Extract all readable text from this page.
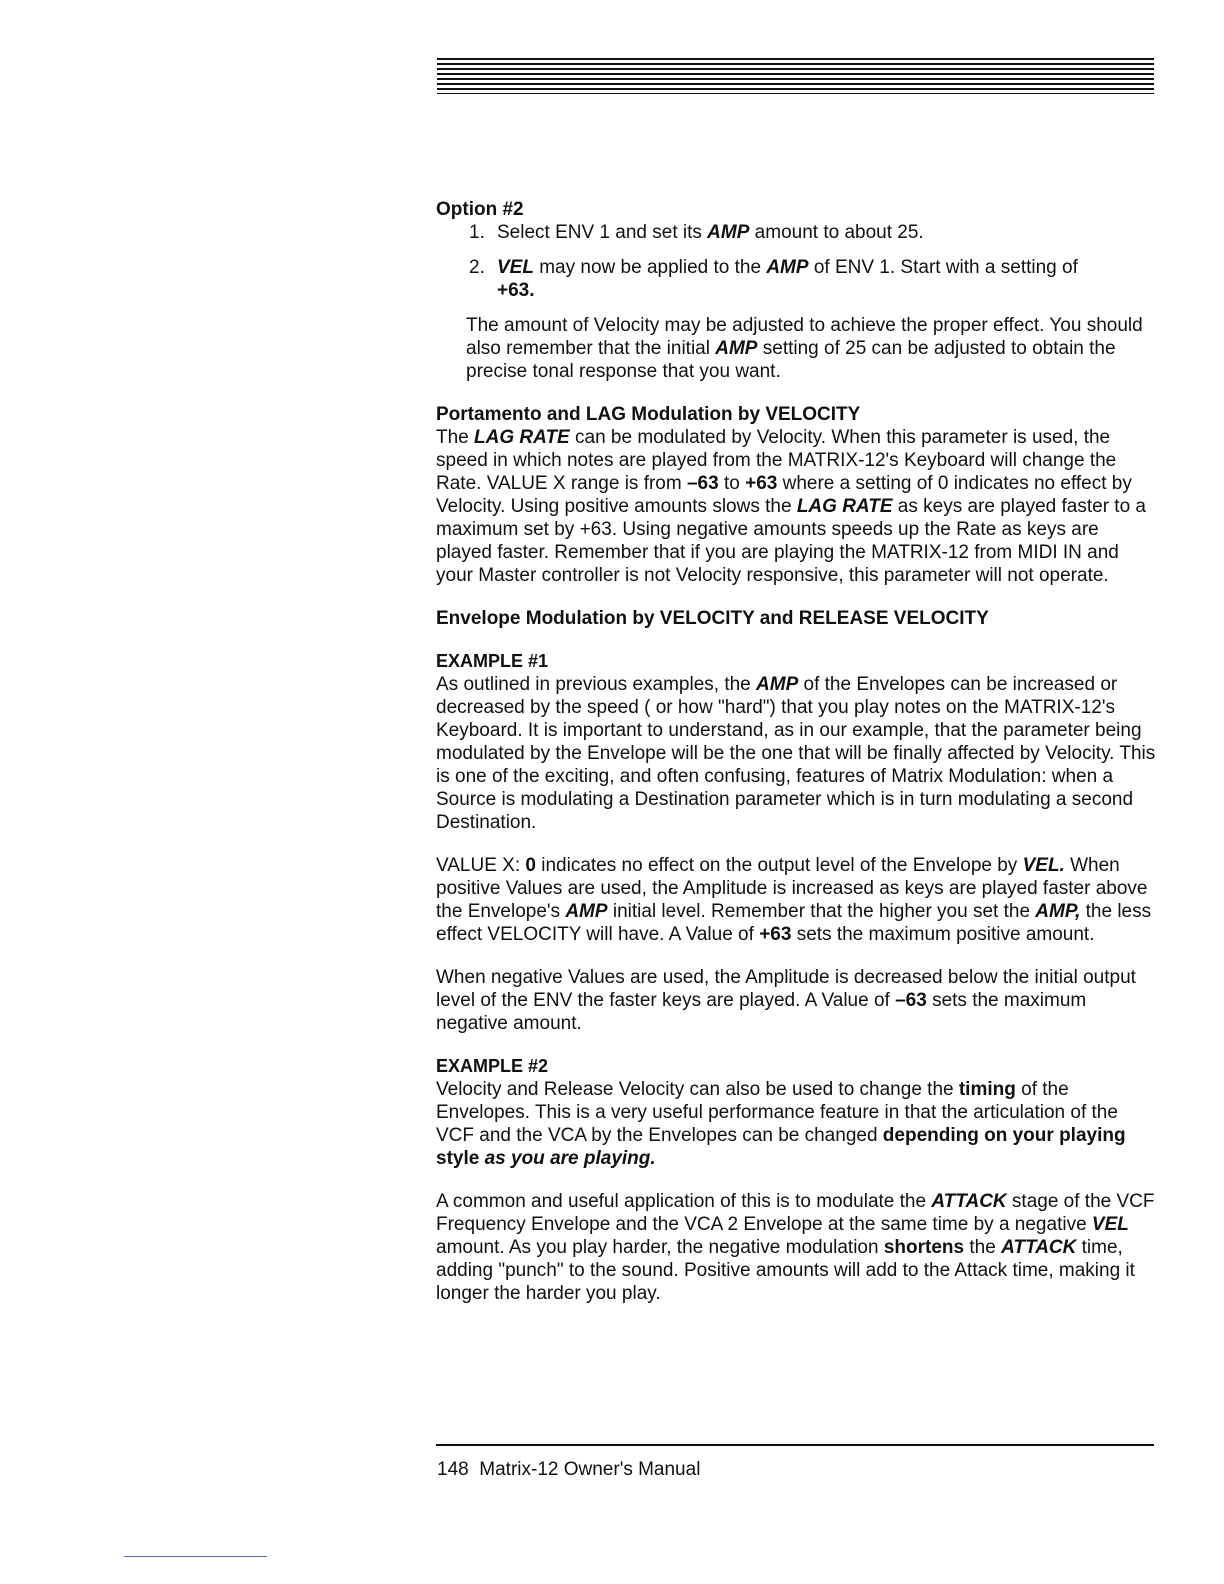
Option #2

1. Select ENV 1 and set its AMP amount to about 25.

2. VEL may now be applied to the AMP of ENV 1. Start with a setting of
+63.

The amount of Velocity may be adjusted to achieve the proper effect. You should also remember that the initial AMP setting of 25 can be adjusted to obtain the precise tonal response that you want.

Portamento and LAG Modulation by VELOCITY

The LAG RATE can be modulated by Velocity. When this parameter is used, the speed in which notes are played from the MATRIX-12's Keyboard will change the Rate. VALUE X range is from –63 to +63 where a setting of 0 indicates no effect by Velocity. Using positive amounts slows the LAG RATE as keys are played faster to a maximum set by +63. Using negative amounts speeds up the Rate as keys are played faster. Remember that if you are playing the MATRIX-12 from MIDI IN and your Master controller is not Velocity responsive, this parameter will not operate.

Envelope Modulation by VELOCITY and RELEASE VELOCITY

EXAMPLE #1

As outlined in previous examples, the AMP of the Envelopes can be increased or decreased by the speed ( or how "hard") that you play notes on the MATRIX-12's Keyboard. It is important to understand, as in our example, that the parameter being modulated by the Envelope will be the one that will be finally affected by Velocity. This is one of the exciting, and often confusing, features of Matrix Modulation: when a Source is modulating a Destination parameter which is in turn modulating a second Destination.

VALUE X: 0 indicates no effect on the output level of the Envelope by VEL. When positive Values are used, the Amplitude is increased as keys are played faster above the Envelope's AMP initial level. Remember that the higher you set the AMP, the less effect VELOCITY will have. A Value of +63 sets the maximum positive amount.

When negative Values are used, the Amplitude is decreased below the initial output level of the ENV the faster keys are played. A Value of –63 sets the maximum negative amount.

EXAMPLE #2

Velocity and Release Velocity can also be used to change the timing of the Envelopes. This is a very useful performance feature in that the articulation of the VCF and the VCA by the Envelopes can be changed depending on your playing style as you are playing.

A common and useful application of this is to modulate the ATTACK stage of the VCF Frequency Envelope and the VCA 2 Envelope at the same time by a negative VEL amount. As you play harder, the negative modulation shortens the ATTACK time, adding "punch" to the sound. Positive amounts will add to the Attack time, making it longer the harder you play.

148 Matrix-12 Owner's Manual
